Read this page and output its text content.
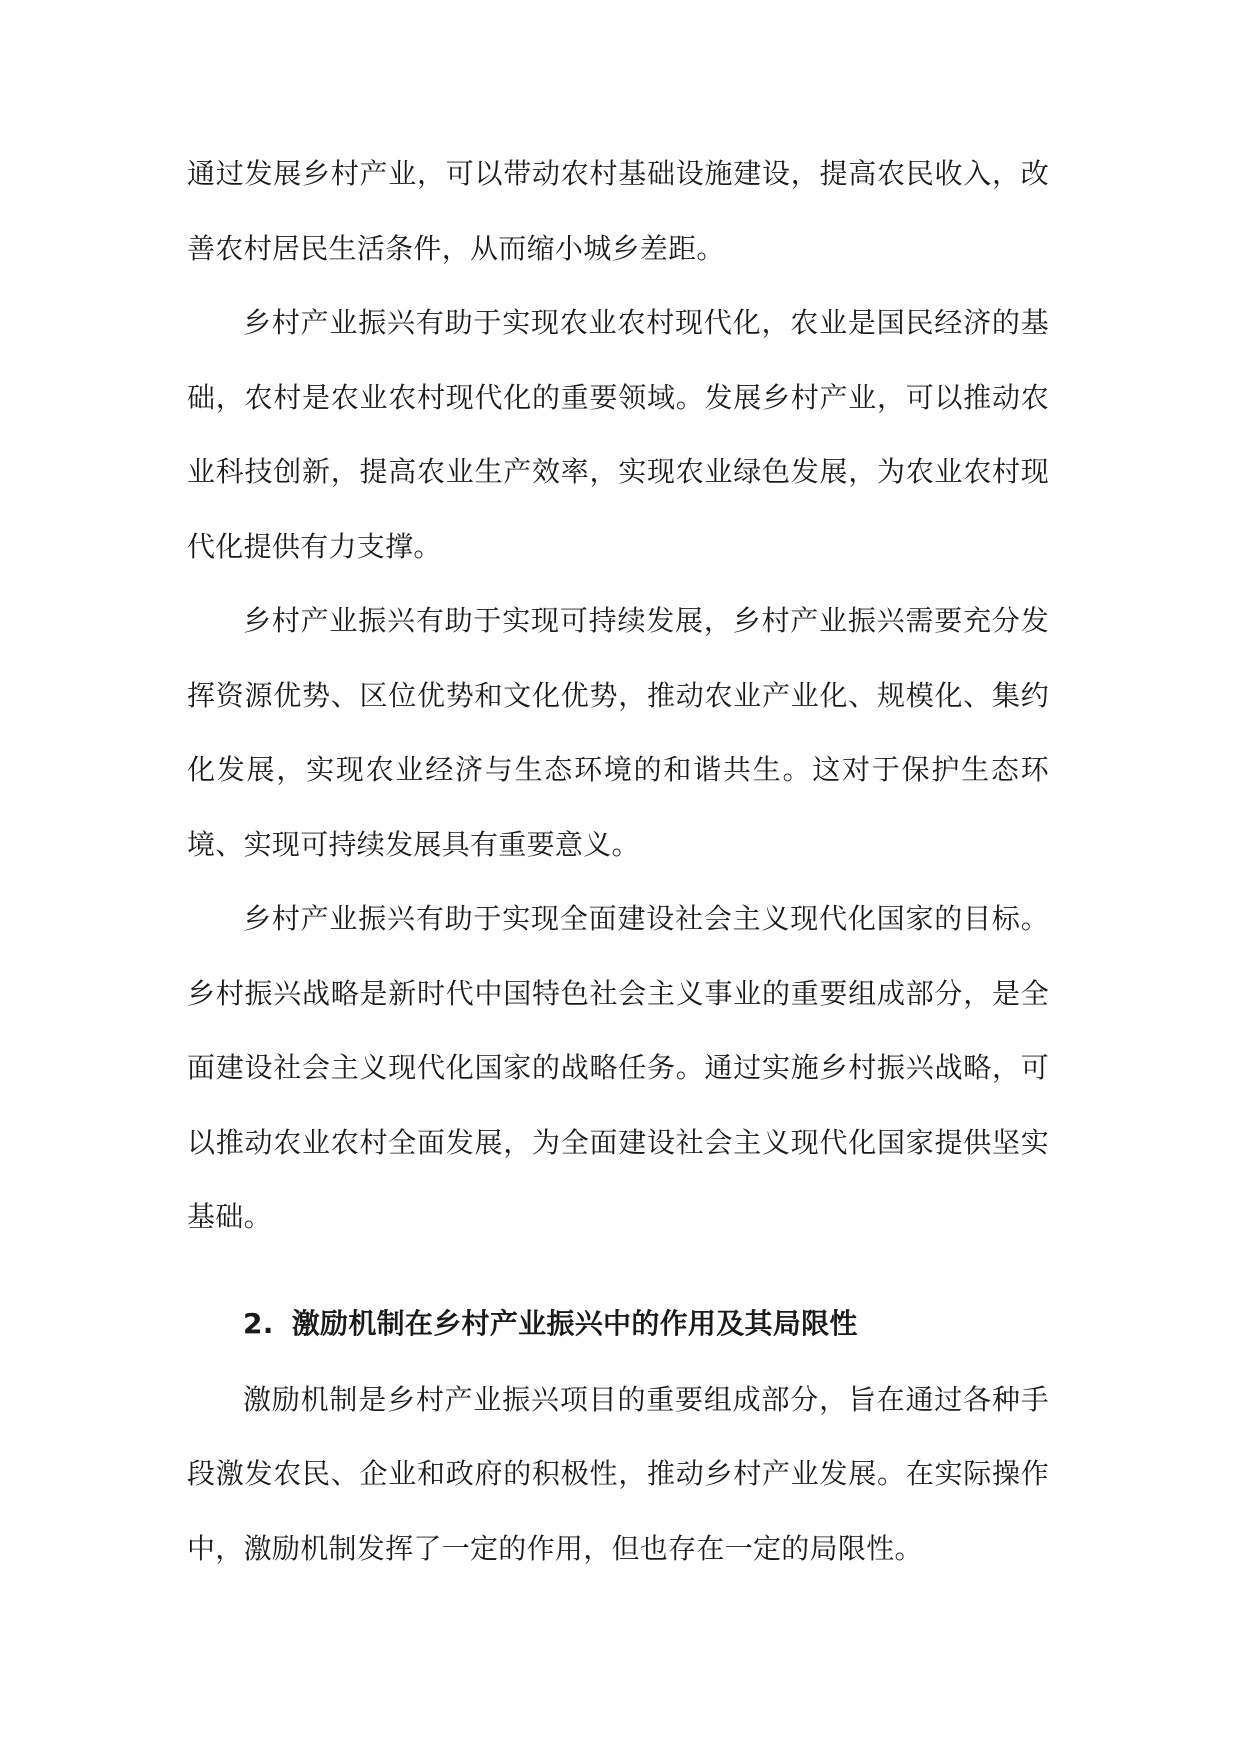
通过发展乡村产业，可以带动农村基础设施建设，提高农民收入，改善农村居民生活条件，从而缩小城乡差距。

乡村产业振兴有助于实现农业农村现代化，农业是国民经济的基础，农村是农业农村现代化的重要领域。发展乡村产业，可以推动农业科技创新，提高农业生产效率，实现农业绿色发展，为农业农村现代化提供有力支撑。

乡村产业振兴有助于实现可持续发展，乡村产业振兴需要充分发挥资源优势、区位优势和文化优势，推动农业产业化、规模化、集约化发展，实现农业经济与生态环境的和谐共生。这对于保护生态环境、实现可持续发展具有重要意义。

乡村产业振兴有助于实现全面建设社会主义现代化国家的目标。乡村振兴战略是新时代中国特色社会主义事业的重要组成部分，是全面建设社会主义现代化国家的战略任务。通过实施乡村振兴战略，可以推动农业农村全面发展，为全面建设社会主义现代化国家提供坚实基础。

2. 激励机制在乡村产业振兴中的作用及其局限性

激励机制是乡村产业振兴项目的重要组成部分，旨在通过各种手段激发农民、企业和政府的积极性，推动乡村产业发展。在实际操作中，激励机制发挥了一定的作用，但也存在一定的局限性。
